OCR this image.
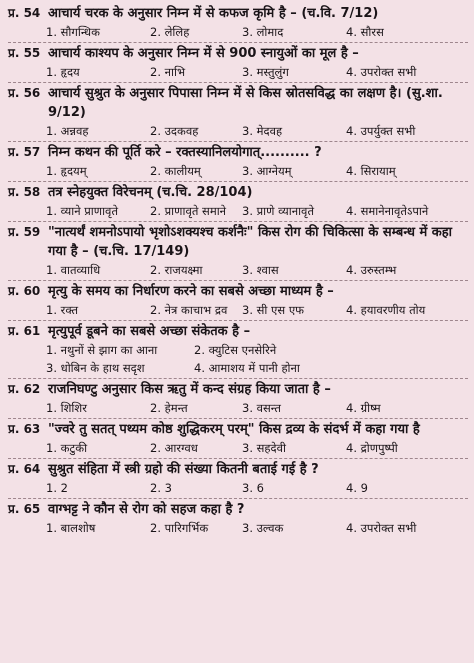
प्र. 54 आचार्य चरक के अनुसार निम्न में से कफज कृमि है – (च.वि. 7/12)
1. सौगन्धिक	2. लेलिह	3. लोमाद	4. सौरस
प्र. 55 आचार्य काश्यप के अनुसार निम्न में से 900 स्नायुओं का मूल है –
1. हृदय	2. नाभि	3. मस्तुलुंग	4. उपरोक्त सभी
प्र. 56 आचार्य सुश्रुत के अनुसार पिपासा निम्न में से किस स्रोतसविद्ध का लक्षण है। (सु.शा. 9/12)
1. अन्नवह	2. उदकवह	3. मेदवह	4. उपर्युक्त सभी
प्र. 57 निम्न कथन की पूर्ति करे – रक्तस्यानिलयोगात्.......... ?
1. हृदयम्	2. कालीयम्	3. आग्नेयम्	4. सिरायाम्
प्र. 58 तत्र स्नेहयुक्त विरेचनम् (च.चि. 28/104)
1. व्याने प्राणावृते	2. प्राणावृते समाने	3. प्राणे व्यानावृते	4. समानेनावृतेऽपाने
प्र. 59 "नात्यर्थं शमनोऽपायो भृशोऽशक्यश्च कर्शनैः" किस रोग की चिकित्सा के सम्बन्ध में कहा गया है – (च.चि. 17/149)
1. वातव्याधि	2. राजयक्ष्मा	3. श्वास	4. उरुस्तम्भ
प्र. 60 मृत्यु के समय का निर्धारण करने का सबसे अच्छा माध्यम है –
1. रक्त	2. नेत्र काचाभ द्रव	3. सी एस एफ	4. हयावरणीय तोय
प्र. 61 मृत्युपूर्व डूबने का सबसे अच्छा संकेतक है –
1. नथुनों से झाग का आना	2. क्युटिस एनसेरिने
3. धोबिन के हाथ सदृश	4. आमाशय में पानी होना
प्र. 62 राजनिघण्टु अनुसार किस ऋतु में कन्द संग्रह किया जाता है –
1. शिशिर	2. हेमन्त	3. वसन्त	4. ग्रीष्म
प्र. 63 "ज्वरे तु सतत् पथ्यम कोष्ठ शुद्धिकरम् परम्" किस द्रव्य के संदर्भ में कहा गया है
1. कटुकी	2. आरग्वध	3. सहदेवी	4. द्रोणपुष्पी
प्र. 64 सुश्रुत संहिता में स्त्री ग्रहो की संख्या कितनी बताई गई है ?
1. 2	2. 3	3. 6	4. 9
प्र. 65 वाग्भट्ट ने कौन से रोग को सहज कहा है ?
1. बालशोष	2. पारिगर्भिक	3. उल्वक	4. उपरोक्त सभी
